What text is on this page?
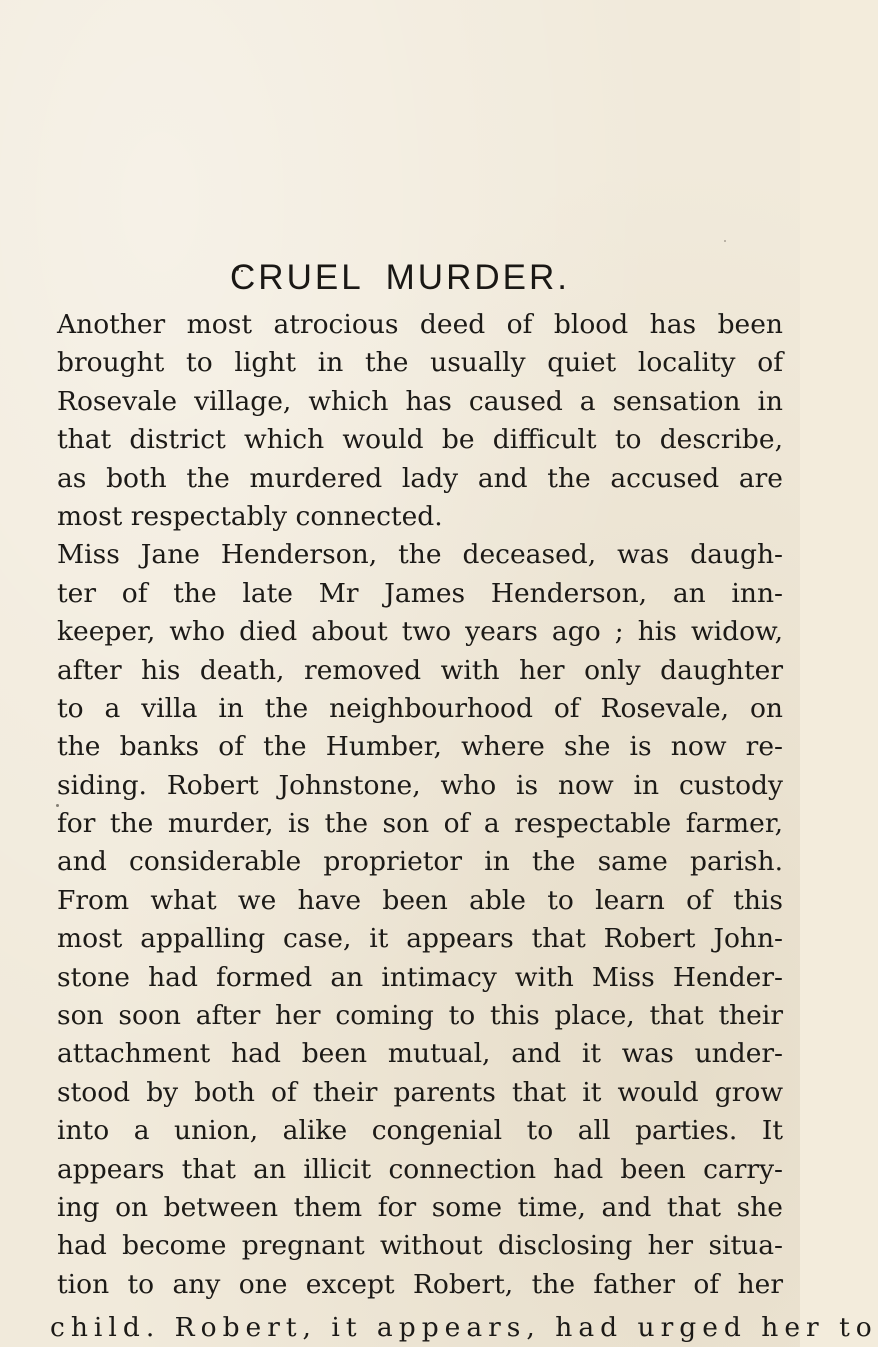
CRUEL MURDER.
Another most atrocious deed of blood has been
brought to light in the usually quiet locality of
Rosevale village, which has caused a sensation in
that district which would be difficult to describe,
as both the murdered lady and the accused are
most respectably connected.
Miss Jane Henderson, the deceased, was daugh-
ter of the late Mr James Henderson, an inn-
keeper, who died about two years ago ; his widow,
after his death, removed with her only daughter
to a villa in the neighbourhood of Rosevale, on
the banks of the Humber, where she is now re-
siding. Robert Johnstone, who is now in custody
for the murder, is the son of a respectable farmer,
and considerable proprietor in the same parish.
From what we have been able to learn of this
most appalling case, it appears that Robert John-
stone had formed an intimacy with Miss Hender-
son soon after her coming to this place, that their
attachment had been mutual, and it was under-
stood by both of their parents that it would grow
into a union, alike congenial to all parties. It
appears that an illicit connection had been carry-
ing on between them for some time, and that she
had become pregnant without disclosing her situa-
tion to any one except Robert, the father of her
child. Robert, it appears, had urged her to
